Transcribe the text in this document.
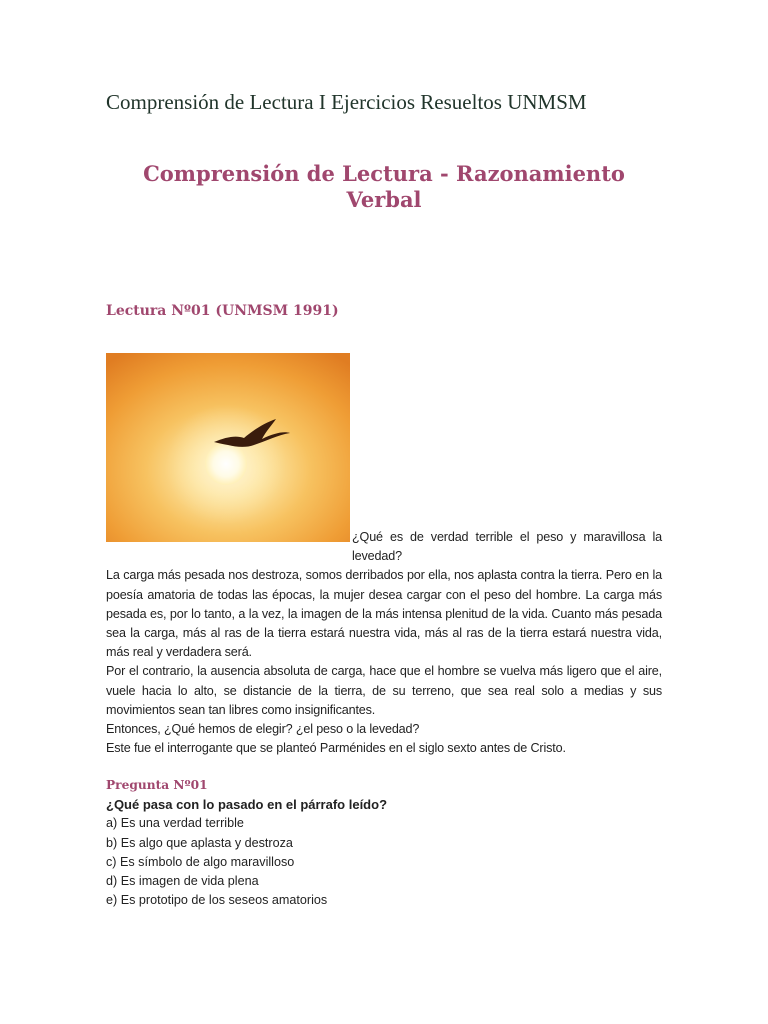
Comprensión de Lectura I Ejercicios Resueltos UNMSM
Comprensión de Lectura - Razonamiento Verbal
Lectura Nº01 (UNMSM 1991)

¿Qué es de verdad terrible el peso y maravillosa la levedad?

La carga más pesada nos destroza, somos derribados por ella, nos aplasta contra la tierra. Pero en la poesía amatoria de todas las épocas, la mujer desea cargar con el peso del hombre. La carga más pesada es, por lo tanto, a la vez, la imagen de la más intensa plenitud de la vida. Cuanto más pesada sea la carga, más al ras de la tierra estará nuestra vida, más al ras de la tierra estará nuestra vida, más real y verdadera será.

Por el contrario, la ausencia absoluta de carga, hace que el hombre se vuelva más ligero que el aire, vuele hacia lo alto, se distancie de la tierra, de su terreno, que sea real solo a medias y sus movimientos sean tan libres como insignificantes.

Entonces, ¿Qué hemos de elegir? ¿el peso o la levedad?

Este fue el interrogante que se planteó Parménides en el siglo sexto antes de Cristo.

Pregunta Nº01

¿Qué pasa con lo pasado en el párrafo leído?

a) Es una verdad terrible
b) Es algo que aplasta y destroza
c) Es símbolo de algo maravilloso
d) Es imagen de vida plena
e) Es prototipo de los seseos amatorios
